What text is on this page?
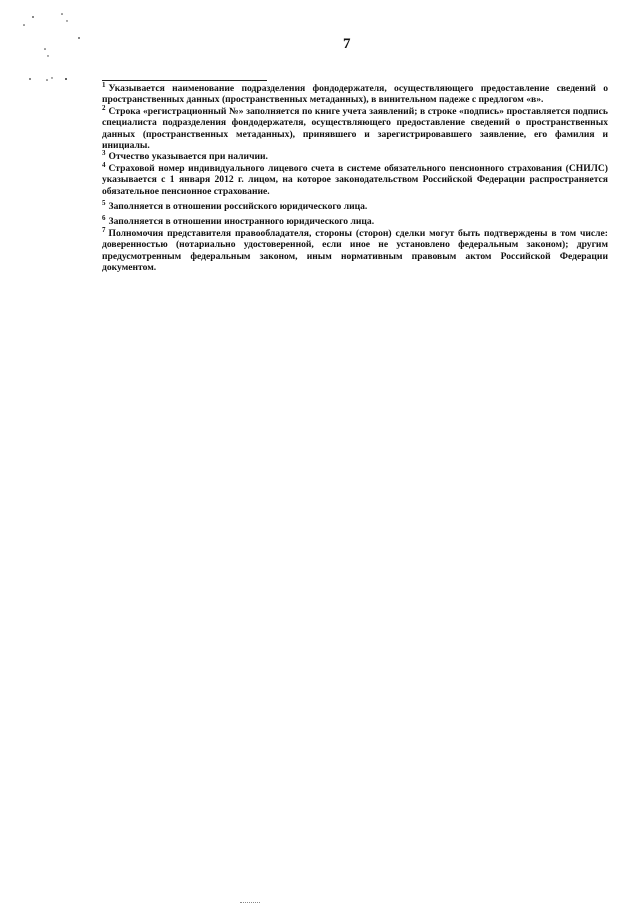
7

$^1$ Указывается наименование подразделения фондодержателя, осуществляющего предоставление сведений о пространственных данных (пространственных метаданных), в винительном падеже с предлогом «в».

$^2$ Строка «регистрационный №» заполняется по книге учета заявлений; в строке «подпись» проставляется подпись специалиста подразделения фондодержателя, осуществляющего предоставление сведений о пространственных данных (пространственных метаданных), принявшего и зарегистрировавшего заявление, его фамилия и инициалы.

$^3$ Отчество указывается при наличии.

$^4$ Страховой номер индивидуального лицевого счета в системе обязательного пенсионного страхования (СНИЛС) указывается с 1 января 2012 г. лицом, на которое законодательством Российской Федерации распространяется обязательное пенсионное страхование.

$^5$ Заполняется в отношении российского юридического лица.

$^6$ Заполняется в отношении иностранного юридического лица.

$^7$ Полномочия представителя правообладателя, стороны (сторон) сделки могут быть подтверждены в том числе: доверенностью (нотариально удостоверенной, если иное не установлено федеральным законом); другим предусмотренным федеральным законом, иным нормативным правовым актом Российской Федерации документом.
